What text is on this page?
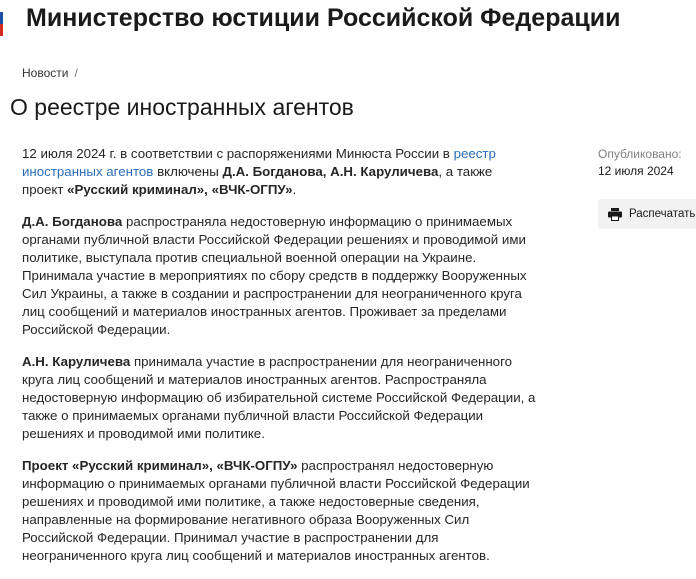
Министерство юстиции Российской Федерации
Новости /
О реестре иностранных агентов

12 июля 2024 г. в соответствии с распоряжениями Минюста России в реестр иностранных агентов включены Д.А. Богданова, А.Н. Каруличева, а также проект «Русский криминал», «ВЧК-ОГПУ».

Д.А. Богданова распространяла недостоверную информацию о принимаемых органами публичной власти Российской Федерации решениях и проводимой ими политике, выступала против специальной военной операции на Украине. Принимала участие в мероприятиях по сбору средств в поддержку Вооруженных Сил Украины, а также в создании и распространении для неограниченного круга лиц сообщений и материалов иностранных агентов. Проживает за пределами Российской Федерации.

А.Н. Каруличева принимала участие в распространении для неограниченного круга лиц сообщений и материалов иностранных агентов. Распространяла недостоверную информацию об избирательной системе Российской Федерации, а также о принимаемых органами публичной власти Российской Федерации решениях и проводимой ими политике.

Проект «Русский криминал», «ВЧК-ОГПУ» распространял недостоверную информацию о принимаемых органами публичной власти Российской Федерации решениях и проводимой ими политике, а также недостоверные сведения, направленные на формирование негативного образа Вооруженных Сил Российской Федерации. Принимал участие в распространении для неограниченного круга лиц сообщений и материалов иностранных агентов.

Опубликовано:
12 июля 2024
Распечатать
